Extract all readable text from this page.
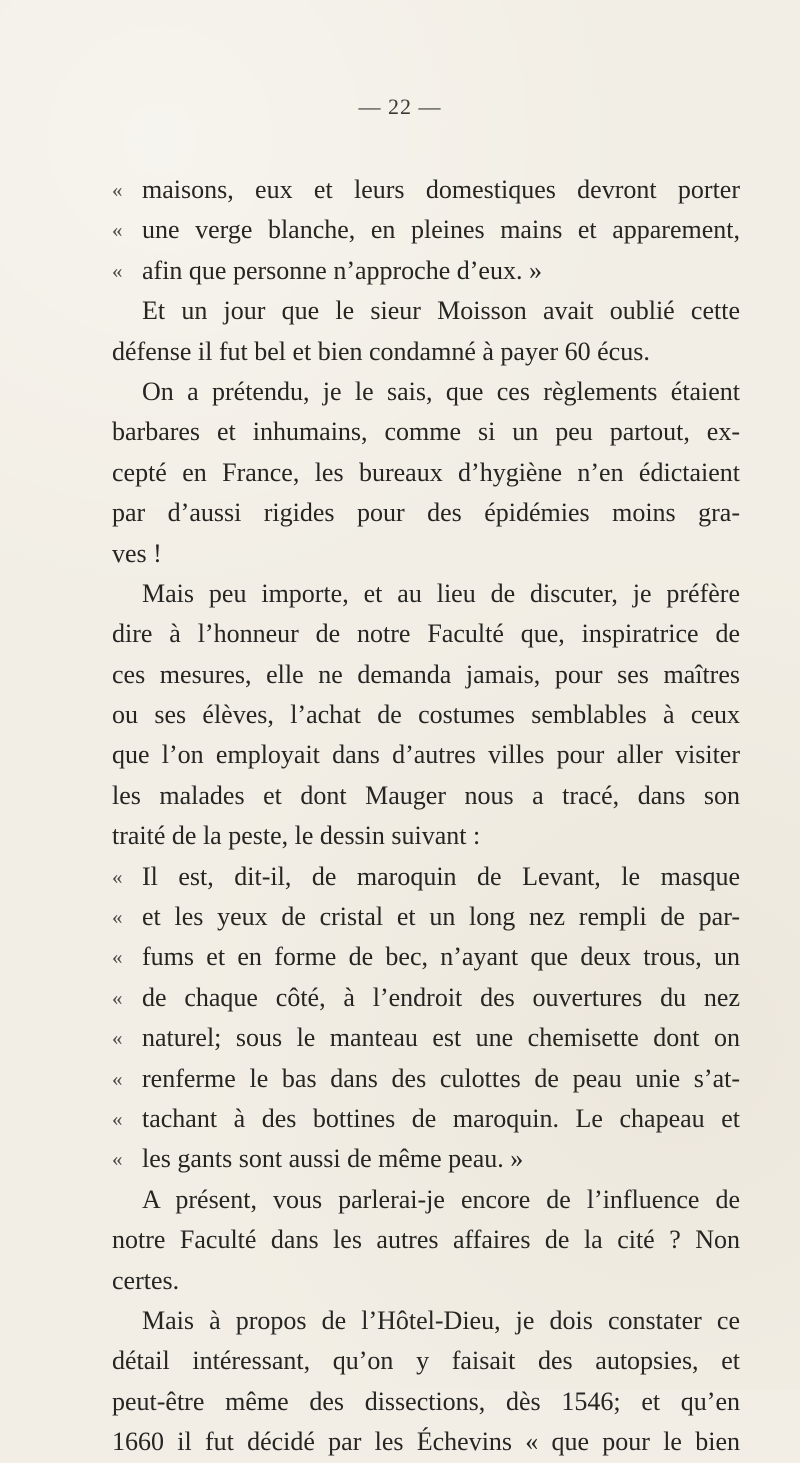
— 22 —
« maisons, eux et leurs domestiques devront porter
« une verge blanche, en pleines mains et apparement,
« afin que personne n’approche d’eux. »
Et un jour que le sieur Moisson avait oublié cette
défense il fut bel et bien condamné à payer 60 écus.
On a prétendu, je le sais, que ces règlements étaient
barbares et inhumains, comme si un peu partout, ex-
cepté en France, les bureaux d’hygiène n’en édictaient
par d’aussi rigides pour des épidémies moins gra-
ves !
Mais peu importe, et au lieu de discuter, je préfère
dire à l’honneur de notre Faculté que, inspiratrice de
ces mesures, elle ne demanda jamais, pour ses maîtres
ou ses élèves, l’achat de costumes semblables à ceux
que l’on employait dans d’autres villes pour aller visiter
les malades et dont Mauger nous a tracé, dans son
traité de la peste, le dessin suivant :
« Il est, dit-il, de maroquin de Levant, le masque
« et les yeux de cristal et un long nez rempli de par-
« fums et en forme de bec, n’ayant que deux trous, un
« de chaque côté, à l’endroit des ouvertures du nez
« naturel; sous le manteau est une chemisette dont on
« renferme le bas dans des culottes de peau unie s’at-
« tachant à des bottines de maroquin. Le chapeau et
« les gants sont aussi de même peau. »
A présent, vous parlerai-je encore de l’influence de
notre Faculté dans les autres affaires de la cité ? Non
certes.
Mais à propos de l’Hôtel-Dieu, je dois constater ce
détail intéressant, qu’on y faisait des autopsies, et
peut-être même des dissections, dès 1546; et qu’en
1660 il fut décidé par les Échevins « que pour le bien
